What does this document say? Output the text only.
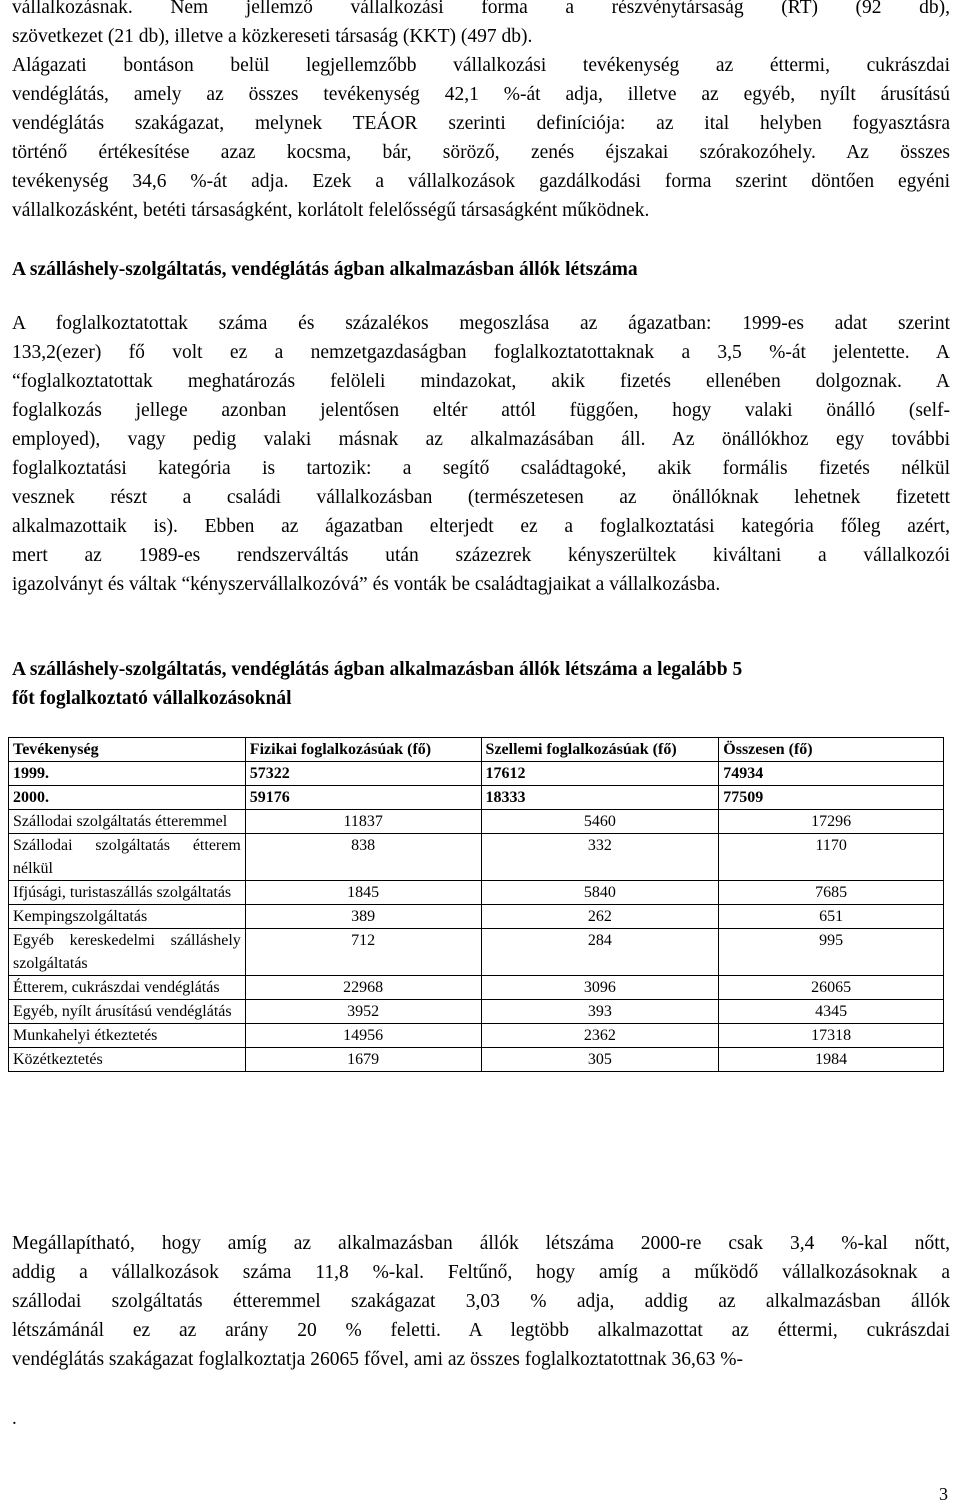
vállalkozásnak. Nem jellemző vállalkozási forma a részvénytársaság (RT) (92 db),
szövetkezet (21 db), illetve a közkereseti társaság (KKT) (497 db).
Alágazati bontáson belül legjellemzőbb vállalkozási tevékenység az éttermi, cukrászdai
vendéglátás, amely az összes tevékenység 42,1 %-át adja, illetve az egyéb, nyílt árusítású
vendéglátás szakágazat, melynek TEÁOR szerinti definíciója: az ital helyben fogyasztásra
történő értékesítése azaz kocsma, bár, söröző, zenés éjszakai szórakozóhely. Az összes
tevékenység 34,6 %-át adja. Ezek a vállalkozások gazdálkodási forma szerint döntően egyéni
vállalkozásként, betéti társaságként, korlátolt felelősségű társaságként működnek.
A szálláshely-szolgáltatás, vendéglátás ágban alkalmazásban állók létszáma
A foglalkoztatottak száma és százalékos megoszlása az ágazatban: 1999-es adat szerint
133,2(ezer) fő volt ez a nemzetgazdaságban foglalkoztatottaknak a 3,5 %-át jelentette. A
“foglalkoztatottak meghatározás felöleli mindazokat, akik fizetés ellenében dolgoznak. A
foglalkozás jellege azonban jelentősen eltér attól függően, hogy valaki önálló (self-
employed), vagy pedig valaki másnak az alkalmazásában áll. Az önállókhoz egy további
foglalkoztatási kategória is tartozik: a segítő családtagoké, akik formális fizetés nélkül
vesznek részt a családi vállalkozásban (természetesen az önállóknak lehetnek fizetett
alkalmazottaik is). Ebben az ágazatban elterjedt ez a foglalkoztatási kategória főleg azért,
mert az 1989-es rendszerváltás után százezrek kényszerültek kiváltani a vállalkozói
igazolványt és váltak “kényszervállalkozóvá” és vonták be családtagjaikat a vállalkozásba.
A szálláshely-szolgáltatás, vendéglátás ágban alkalmazásban állók létszáma a legalább 5
főt foglalkoztató vállalkozásoknál
Tevékenység	Fizikai foglalkozásúak (fő)	Szellemi foglalkozásúak (fő)	Összesen (fő)
1999.	57322	17612	74934
2000.	59176	18333	77509

Szállodai szolgáltatás étteremmel	11837	5460	17296

Szállodai szolgáltatás étterem nélkül	838	332	1170

Ifjúsági, turistaszállás szolgáltatás	1845	5840	7685
Kempingszolgáltatás	389	262	651

Egyéb kereskedelmi szálláshely szolgáltatás	712	284	995

Étterem, cukrászdai vendéglátás	22968	3096	26065

Egyéb, nyílt árusítású vendéglátás	3952	393	4345

Munkahelyi étkeztetés	14956	2362	17318
Közétkeztetés	1679	305	1984
Megállapítható, hogy amíg az alkalmazásban állók létszáma 2000-re csak 3,4 %-kal nőtt,
addig a vállalkozások száma 11,8 %-kal. Feltűnő, hogy amíg a működő vállalkozásoknak a
szállodai szolgáltatás étteremmel szakágazat 3,03 % adja, addig az alkalmazásban állók
létszámánál ez az arány 20 % feletti. A legtöbb alkalmazottat az éttermi, cukrászdai
vendéglátás szakágazat foglalkoztatja 26065 fővel, ami az összes foglalkoztatottnak 36,63 %-
.
3
